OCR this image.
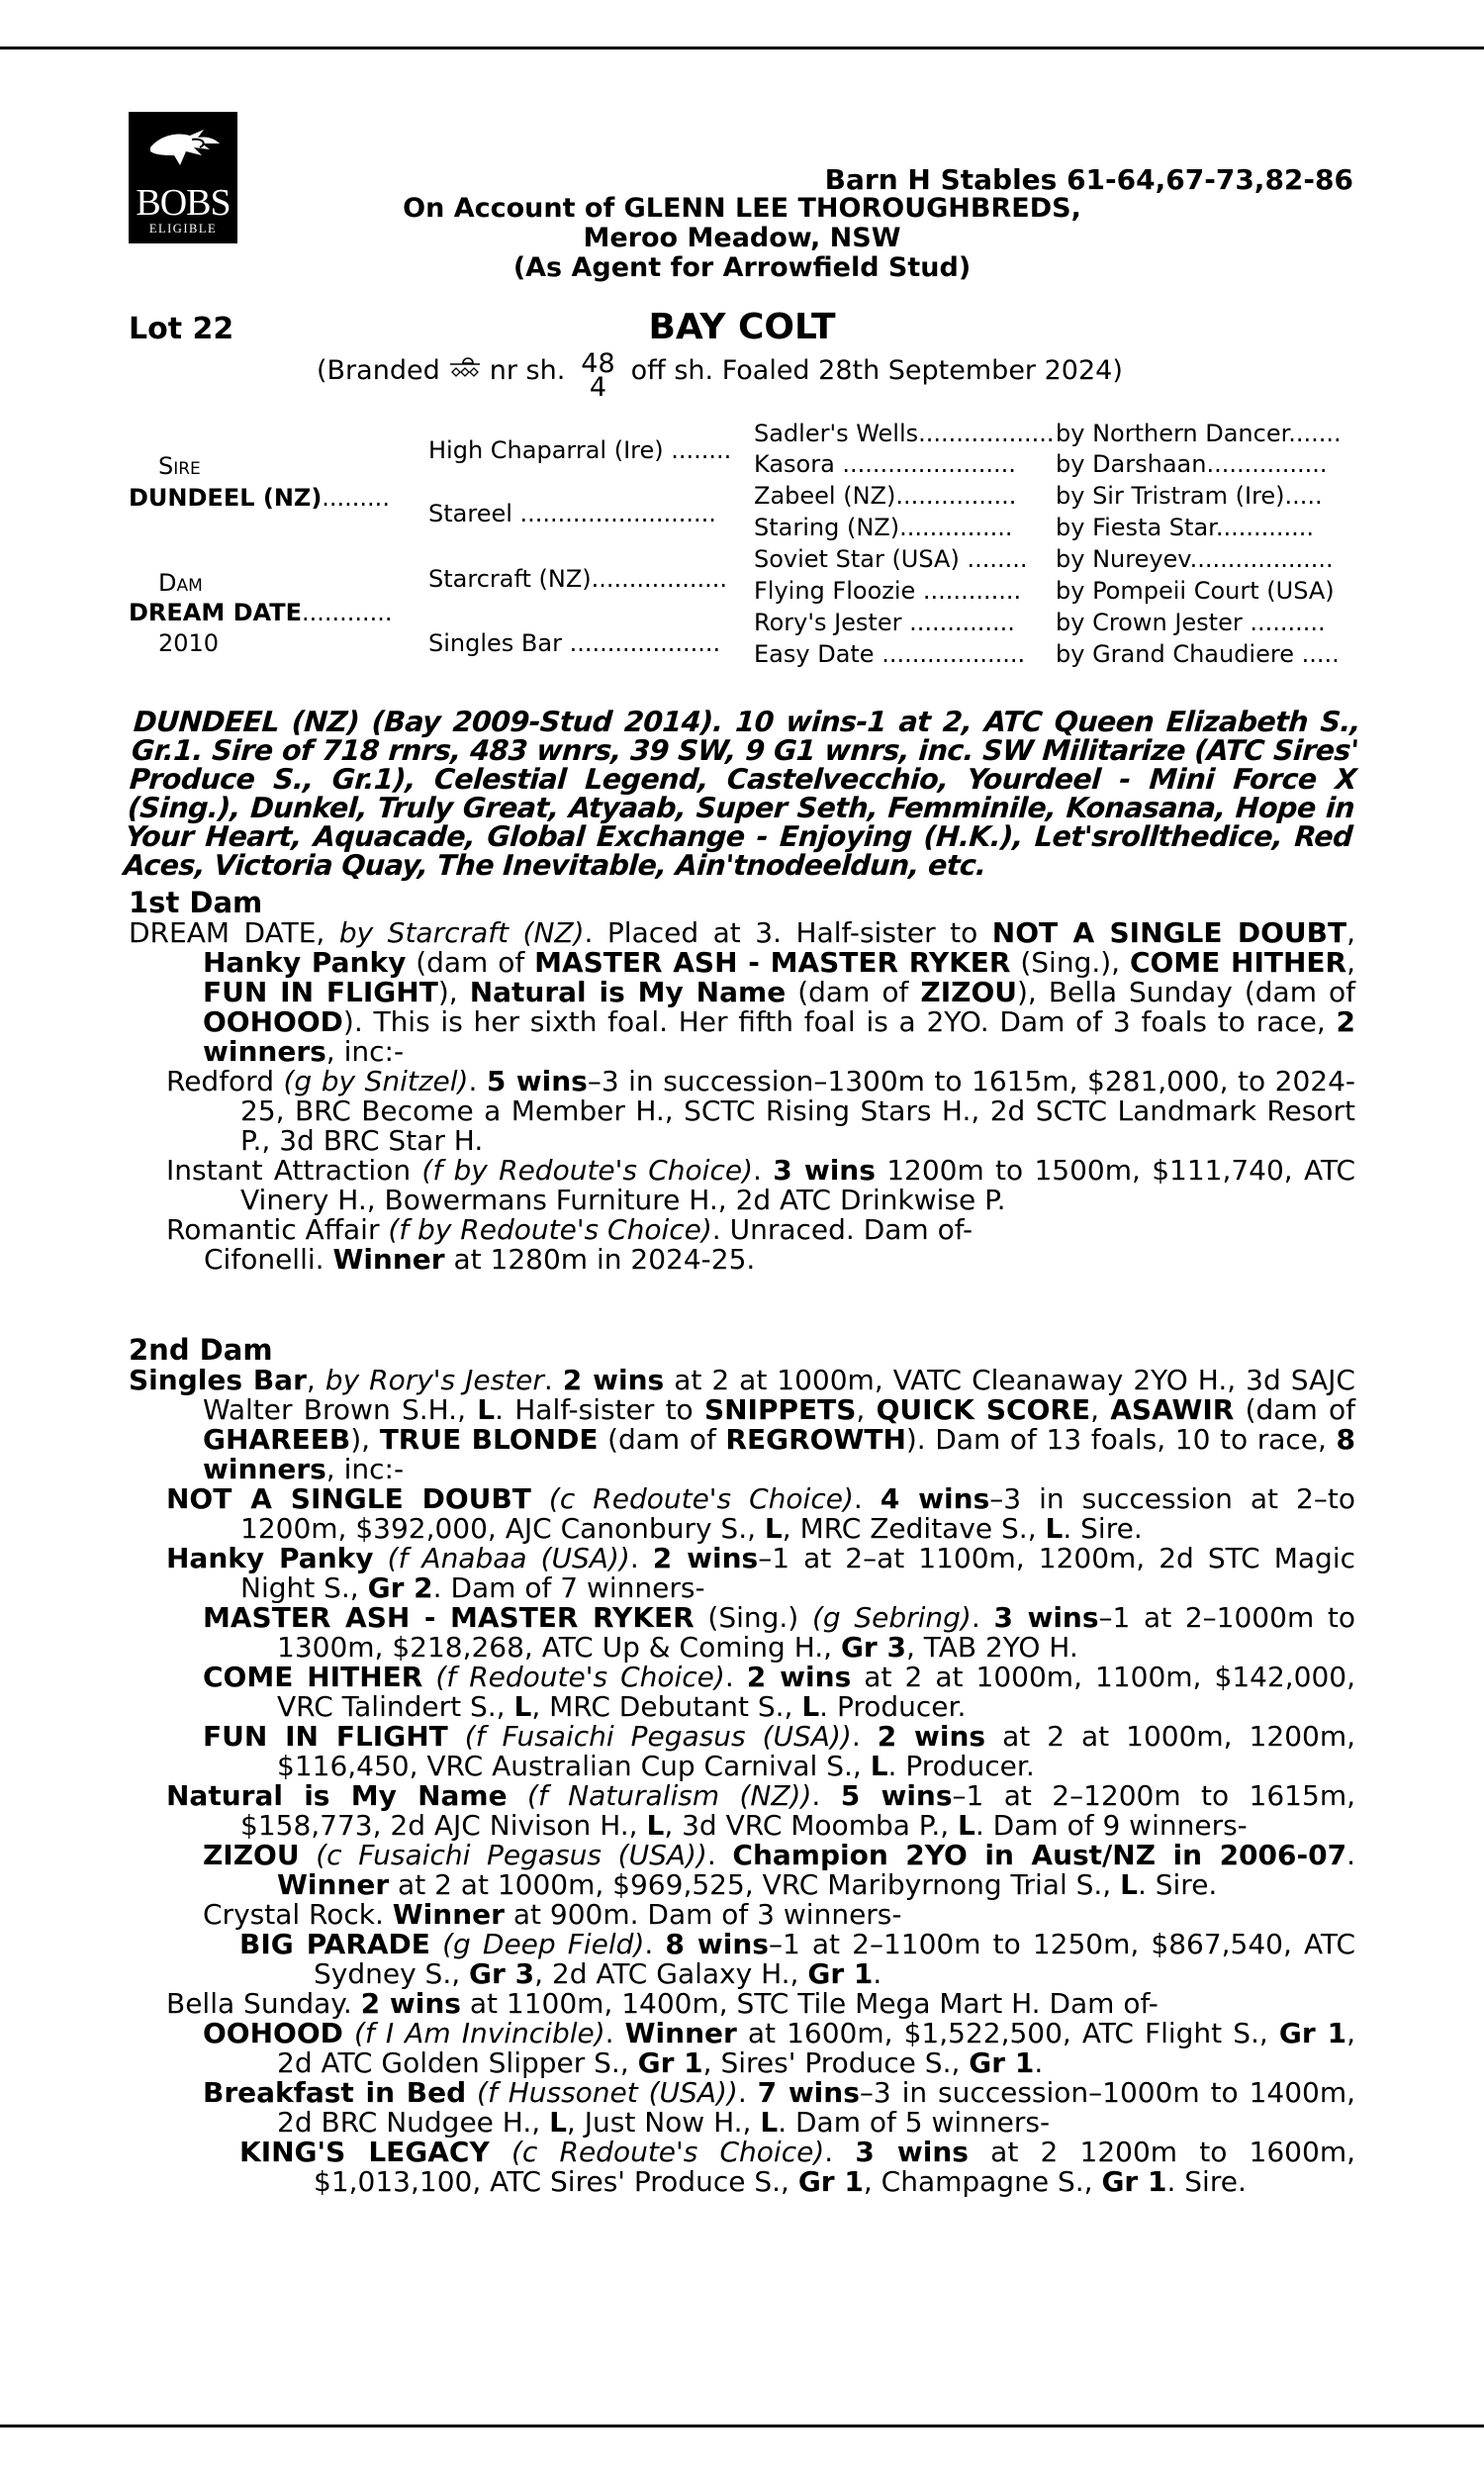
BOBS
ELIGIBLE
Barn H Stables 61-64,67-73,82-86
On Account of GLENN LEE THOROUGHBREDS,
Meroo Meadow, NSW
(As Agent for Arrowfield Stud)
Lot 22	BAY COLT
(Branded nr sh. 48
4
off sh. Foaled 28th September 2024)
Sire
DUNDEEL (NZ).........
Dam
DREAM DATE............
2010
High Chaparral (Ire) ........
Stareel ..........................
Starcraft (NZ)..................
Singles Bar ....................
Sadler's Wells..................
Kasora .......................
Zabeel (NZ)................
Staring (NZ)...............
Soviet Star (USA) ........
Flying Floozie .............
Rory's Jester ..............
Easy Date ...................
by Northern Dancer.......
by Darshaan................
by Sir Tristram (Ire).....
by Fiesta Star.............
by Nureyev...................
by Pompeii Court (USA)
by Crown Jester ..........
by Grand Chaudiere .....
DUNDEEL (NZ) (Bay 2009-Stud 2014). 10 wins-1 at 2, ATC Queen Elizabeth S., Gr.1. Sire of 718 rnrs, 483 wnrs, 39 SW, 9 G1 wnrs, inc. SW Militarize (ATC Sires' Produce S., Gr.1), Celestial Legend, Castelvecchio, Yourdeel - Mini Force X (Sing.), Dunkel, Truly Great, Atyaab, Super Seth, Femminile, Konasana, Hope in Your Heart, Aquacade, Global Exchange - Enjoying (H.K.), Let'srollthedice, Red Aces, Victoria Quay, The Inevitable, Ain'tnodeeldun, etc.
1st Dam
DREAM DATE, by Starcraft (NZ). Placed at 3. Half-sister to NOT A SINGLE DOUBT, Hanky Panky (dam of MASTER ASH - MASTER RYKER (Sing.), COME HITHER, FUN IN FLIGHT), Natural is My Name (dam of ZIZOU), Bella Sunday (dam of OOHOOD). This is her sixth foal. Her fifth foal is a 2YO. Dam of 3 foals to race, 2 winners, inc:-
Redford (g by Snitzel). 5 wins–3 in succession–1300m to 1615m, $281,000, to 2024-25, BRC Become a Member H., SCTC Rising Stars H., 2d SCTC Landmark Resort P., 3d BRC Star H.
Instant Attraction (f by Redoute's Choice). 3 wins 1200m to 1500m, $111,740, ATC Vinery H., Bowermans Furniture H., 2d ATC Drinkwise P.
Romantic Affair (f by Redoute's Choice). Unraced. Dam of-
Cifonelli. Winner at 1280m in 2024-25.
2nd Dam
Singles Bar, by Rory's Jester. 2 wins at 2 at 1000m, VATC Cleanaway 2YO H., 3d SAJC Walter Brown S.H., L. Half-sister to SNIPPETS, QUICK SCORE, ASAWIR (dam of GHAREEB), TRUE BLONDE (dam of REGROWTH). Dam of 13 foals, 10 to race, 8 winners, inc:-
NOT A SINGLE DOUBT (c Redoute's Choice). 4 wins–3 in succession at 2–to 1200m, $392,000, AJC Canonbury S., L, MRC Zeditave S., L. Sire.
Hanky Panky (f Anabaa (USA)). 2 wins–1 at 2–at 1100m, 1200m, 2d STC Magic Night S., Gr 2. Dam of 7 winners-
MASTER ASH - MASTER RYKER (Sing.) (g Sebring). 3 wins–1 at 2–1000m to 1300m, $218,268, ATC Up & Coming H., Gr 3, TAB 2YO H.
COME HITHER (f Redoute's Choice). 2 wins at 2 at 1000m, 1100m, $142,000, VRC Talindert S., L, MRC Debutant S., L. Producer.
FUN IN FLIGHT (f Fusaichi Pegasus (USA)). 2 wins at 2 at 1000m, 1200m, $116,450, VRC Australian Cup Carnival S., L. Producer.
Natural is My Name (f Naturalism (NZ)). 5 wins–1 at 2–1200m to 1615m, $158,773, 2d AJC Nivison H., L, 3d VRC Moomba P., L. Dam of 9 winners-
ZIZOU (c Fusaichi Pegasus (USA)). Champion 2YO in Aust/NZ in 2006-07. Winner at 2 at 1000m, $969,525, VRC Maribyrnong Trial S., L. Sire.
Crystal Rock. Winner at 900m. Dam of 3 winners-
BIG PARADE (g Deep Field). 8 wins–1 at 2–1100m to 1250m, $867,540, ATC Sydney S., Gr 3, 2d ATC Galaxy H., Gr 1.
Bella Sunday. 2 wins at 1100m, 1400m, STC Tile Mega Mart H. Dam of-
OOHOOD (f I Am Invincible). Winner at 1600m, $1,522,500, ATC Flight S., Gr 1, 2d ATC Golden Slipper S., Gr 1, Sires' Produce S., Gr 1.
Breakfast in Bed (f Hussonet (USA)). 7 wins–3 in succession–1000m to 1400m, 2d BRC Nudgee H., L, Just Now H., L. Dam of 5 winners-
KING'S LEGACY (c Redoute's Choice). 3 wins at 2 1200m to 1600m, $1,013,100, ATC Sires' Produce S., Gr 1, Champagne S., Gr 1. Sire.
